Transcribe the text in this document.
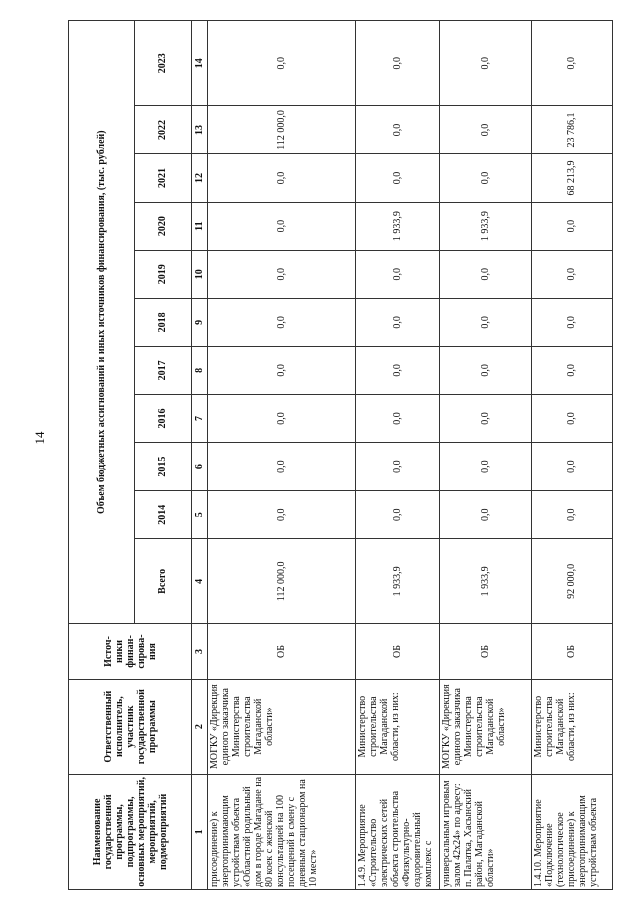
14
Наименование государственной программы, подпрограммы, основных мероприятий, мероприятий, подмероприятий	Ответственный исполнитель, участник государственной программы	Источ-ники финан-сирова-ния	Объем бюджетных ассигнований и иных источников финансирования, (тыс. рублей)										
			Всего	2014	2015	2016	2017	2018	2019	2020	2021	2022	2023
1	2	3	4	5	6	7	8	9	10	11	12	13	14
присоединение) к энергопринимающим устройствам объекта «Областной родильный дом в городе Магадане на 80 коек с женской консультацией на 100 посещений в смену с дневным стационаром на 10 мест»	МОГКУ «Дирекция единого заказчика Министерства строительства Магаданской области»	ОБ	112 000,0	0,0	0,0	0,0	0,0	0,0	0,0	0,0	0,0	112 000,0	0,0
1.4.9. Мероприятие «Строительство электрических сетей объекта строительства «Физкультурно-оздоровительный комплекс с	Министерство строительства Магаданской области, из них:	ОБ	1 933,9	0,0	0,0	0,0	0,0	0,0	0,0	1 933,9	0,0	0,0	0,0
универсальным игровым залом 42х24» по адресу: п. Палатка, Хасынский район, Магаданской области»	МОГКУ «Дирекция единого заказчика Министерства строительства Магаданской области»	ОБ	1 933,9	0,0	0,0	0,0	0,0	0,0	0,0	1 933,9	0,0	0,0	0,0
1.4.10. Мероприятие «Подключение (технологическое присоединение) к энергопринимающим устройствам объекта	Министерство строительства Магаданской области, из них:	ОБ	92 000,0	0,0	0,0	0,0	0,0	0,0	0,0	0,0	68 213,9	23 786,1	0,0
